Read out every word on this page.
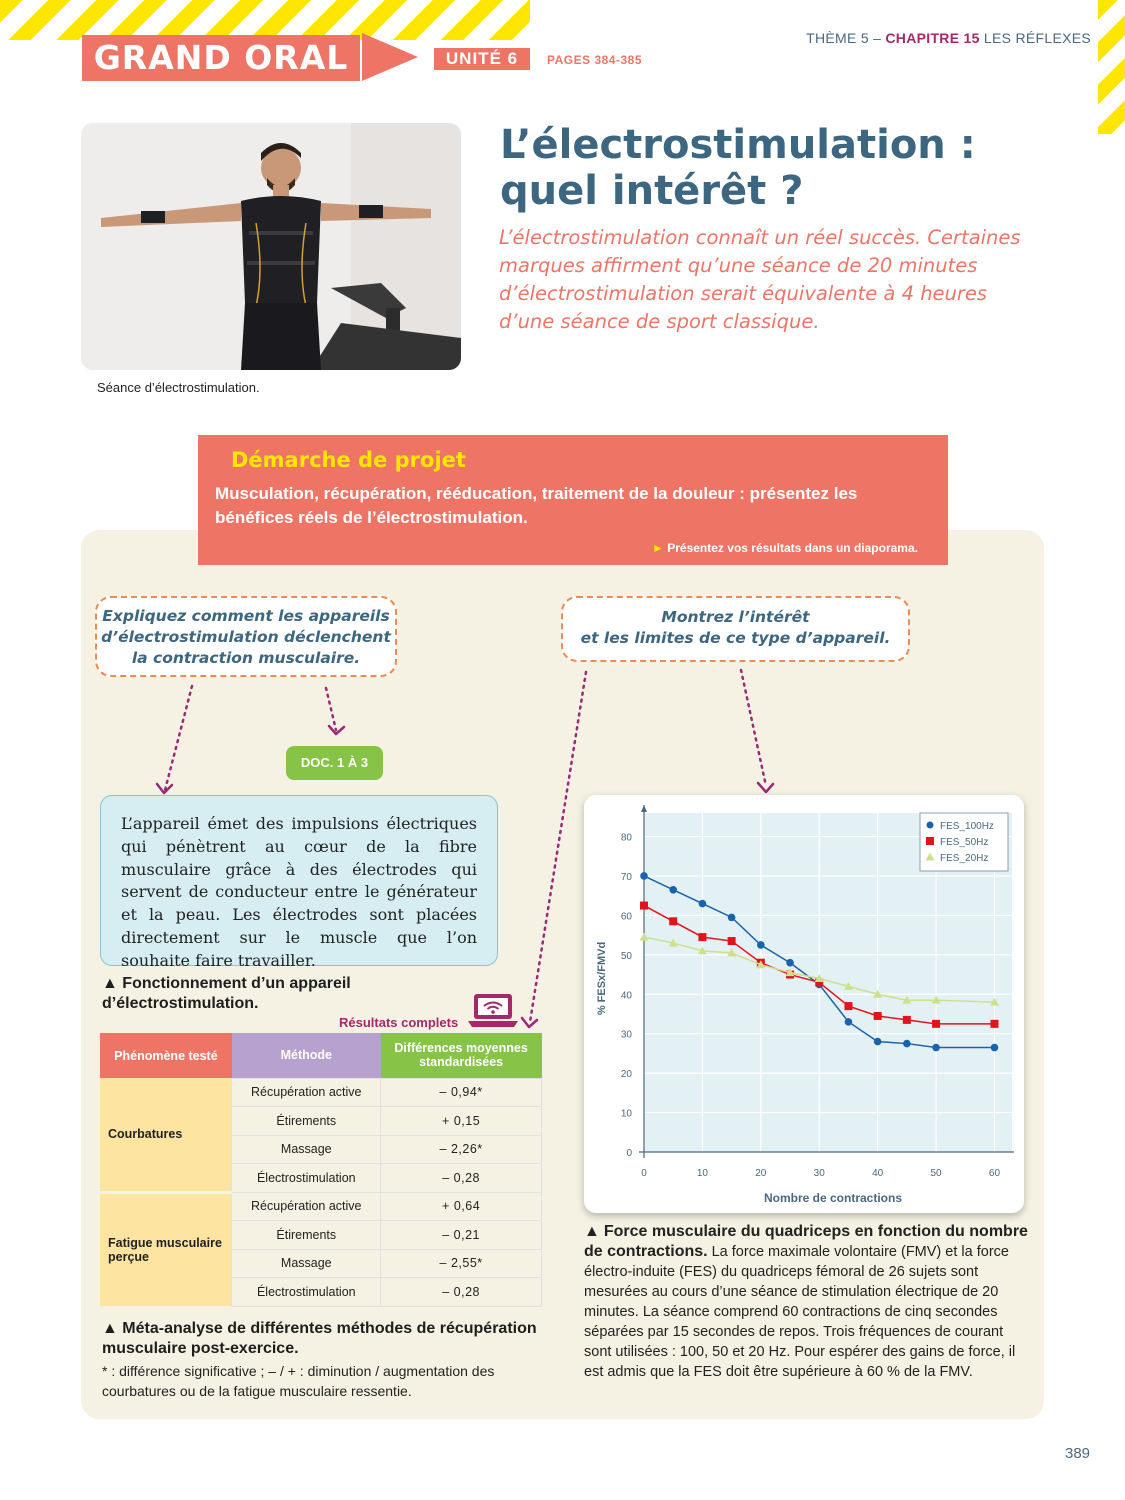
GRAND ORAL	UNITÉ 6	PAGES 384-385
THÈME 5 – CHAPITRE 15 LES RÉFLEXES
Séance d’électrostimulation.
L’électrostimulation :
quel intérêt ?
L’électrostimulation connaît un réel succès. Certaines marques affirment qu’une séance de 20 minutes d’électrostimulation serait équivalente à 4 heures d’une séance de sport classique.
Démarche de projet
Musculation, récupération, rééducation, traitement de la douleur : présentez les bénéfices réels de l’électrostimulation.
► Présentez vos résultats dans un diaporama.
Expliquez comment les appareils
d’électrostimulation déclenchent
la contraction musculaire.
Montrez l’intérêt
et les limites de ce type d’appareil.
DOC. 1 À 3
L’appareil émet des impulsions électriques qui pénètrent au cœur de la fibre musculaire grâce à des électrodes qui servent de conducteur entre le générateur et la peau. Les électrodes sont placées directement sur le muscle que l’on souhaite faire travailler.
▲ Fonctionnement d’un appareil d’électrostimulation.
Résultats complets
Phénomène testé	Méthode	Différences moyennes standardisées
Courbatures	Récupération active	– 0,94*
	Étirements	+ 0,15
	Massage	– 2,26*
	Électrostimulation	– 0,28
Fatigue musculaire perçue	Récupération active	+ 0,64
	Étirements	– 0,21
	Massage	– 2,55*
	Électrostimulation	– 0,28
▲ Méta-analyse de différentes méthodes de récupération musculaire post-exercice.
* : différence significative ; – / + : diminution / augmentation des courbatures ou de la fatigue musculaire ressentie.
0
10
20
30
40
50
60
70
80
0	10	20	30	40	50	60
Nombre de contractions
% FESx/FMVd
FES_100Hz
FES_50Hz
FES_20Hz
▲ Force musculaire du quadriceps en fonction du nombre de contractions. La force maximale volontaire (FMV) et la force électro-induite (FES) du quadriceps fémoral de 26 sujets sont mesurées au cours d’une séance de stimulation électrique de 20 minutes. La séance comprend 60 contractions de cinq secondes séparées par 15 secondes de repos. Trois fréquences de courant sont utilisées : 100, 50 et 20 Hz. Pour espérer des gains de force, il est admis que la FES doit être supérieure à 60 % de la FMV.
389
